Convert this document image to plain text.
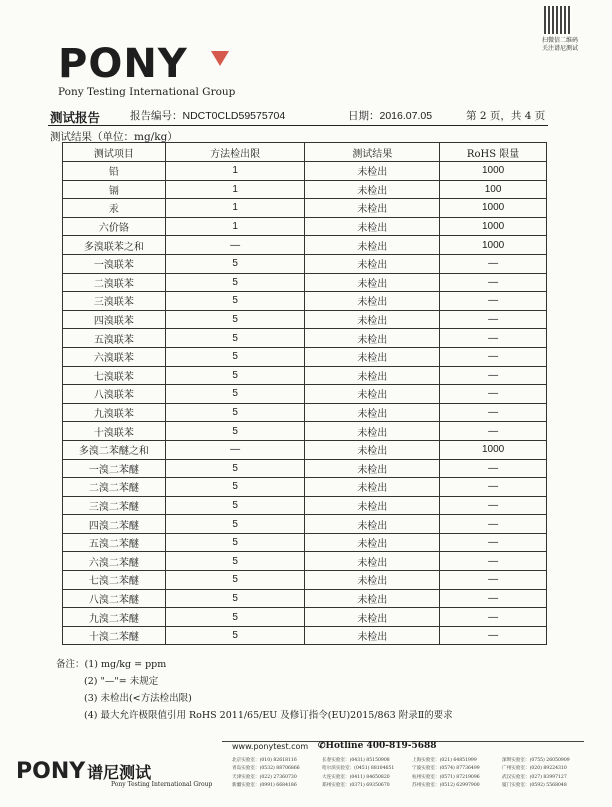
PONY
Pony Testing International Group
扫微信二维码 关注谱尼测试
测试报告	报告编号：NDCT0CLD59575704	日期：2016.07.05	第 2 页，共 4 页
测试结果（单位：mg/kg）
测试项目	方法检出限	测试结果	RoHS 限量
铅	1	未检出	1000
镉	1	未检出	100
汞	1	未检出	1000
六价铬	1	未检出	1000
多溴联苯之和	—	未检出	1000
一溴联苯	5	未检出	—
二溴联苯	5	未检出	—
三溴联苯	5	未检出	—
四溴联苯	5	未检出	—
五溴联苯	5	未检出	—
六溴联苯	5	未检出	—
七溴联苯	5	未检出	—
八溴联苯	5	未检出	—
九溴联苯	5	未检出	—
十溴联苯	5	未检出	—
多溴二苯醚之和	—	未检出	1000
一溴二苯醚	5	未检出	—
二溴二苯醚	5	未检出	—
三溴二苯醚	5	未检出	—
四溴二苯醚	5	未检出	—
五溴二苯醚	5	未检出	—
六溴二苯醚	5	未检出	—
七溴二苯醚	5	未检出	—
八溴二苯醚	5	未检出	—
九溴二苯醚	5	未检出	—
十溴二苯醚	5	未检出	—
备注：(1) mg/kg = ppm
(2) "—"= 未规定
(3) 未检出(<方法检出限)
(4) 最大允许极限值引用 RoHS 2011/65/EU 及修订指令(EU)2015/863 附录Ⅱ的要求
PONY 谱尼测试
Pony Testing International Group
www.ponytest.com ✆Hotline 400-819-5688
北京实验室：(010) 82618116	长春实验室：(0431) 85150908	上海实验室：(021) 64851999	深圳实验室：(0755) 26050909
青岛实验室：(0532) 88706866	哈尔滨实验室：(0451) 88104651	宁波实验室：(0574) 87736499	广州实验室：(020) 89224310
天津实验室：(022) 27360730	大连实验室：(0411) 84650820	杭州实验室：(0571) 87219096	武汉实验室：(027) 83997127
新疆实验室：(0991) 6684186	郑州实验室：(0371) 69350670	苏州实验室：(0512) 62997900	厦门实验室：(0592) 5568048
